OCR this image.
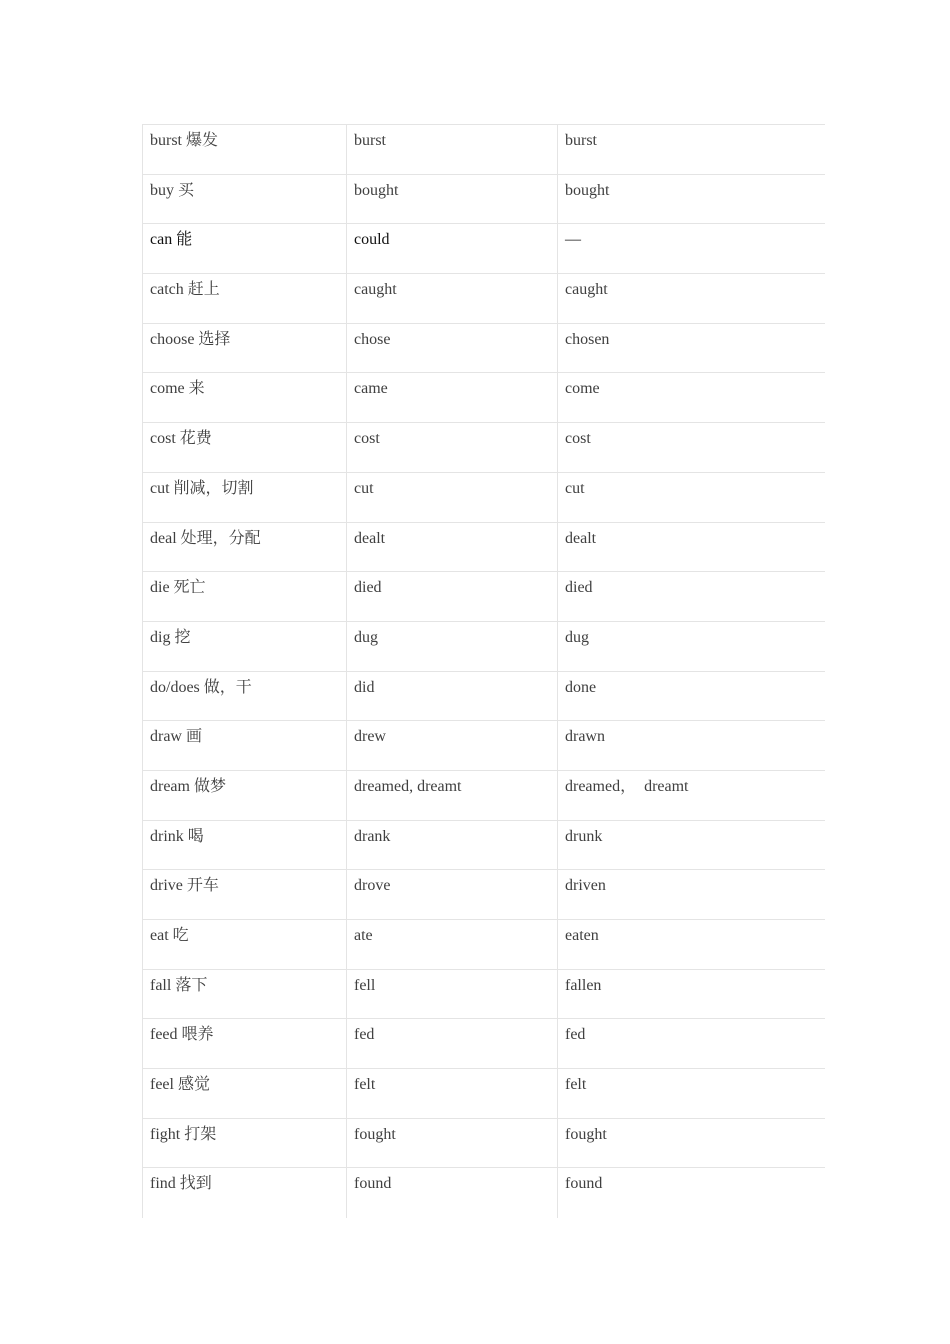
burst 爆发	burst	burst
buy 买	bought	bought
can 能	could	—
catch 赶上	caught	caught
choose 选择	chose	chosen
come 来	came	come
cost 花费	cost	cost
cut 削减，切割	cut	cut
deal 处理，分配	dealt	dealt
die 死亡	died	died
dig 挖	dug	dug
do/does 做，干	did	done
draw 画	drew	drawn
dream 做梦	dreamed, dreamt	dreamed，  dreamt
drink 喝	drank	drunk
drive 开车	drove	driven
eat 吃	ate	eaten
fall 落下	fell	fallen
feed 喂养	fed	fed
feel 感觉	felt	felt
fight 打架	fought	fought
find 找到	found	found
